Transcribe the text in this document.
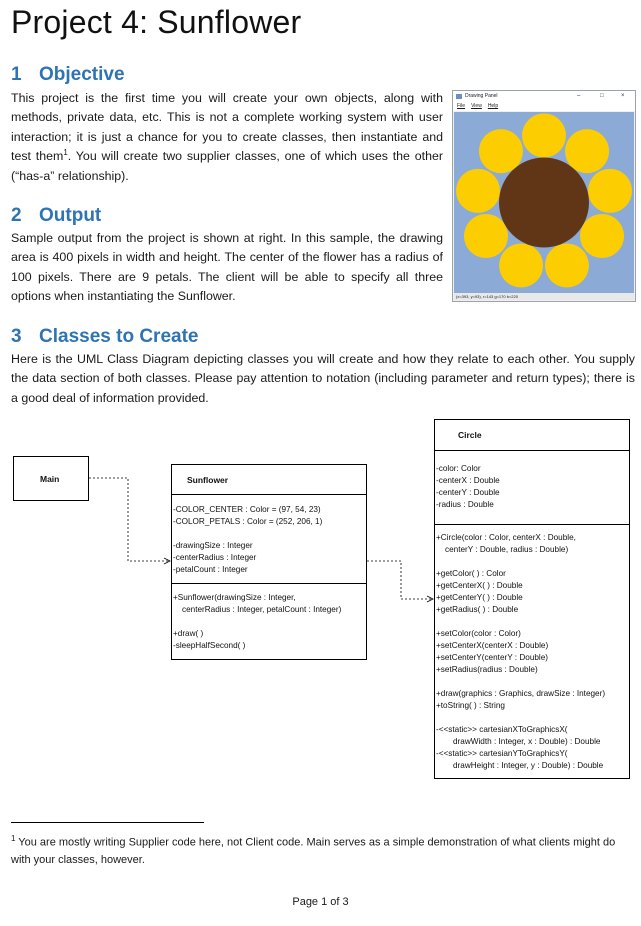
Project 4: Sunflower
1 Objective

This project is the first time you will create your own objects, along with methods, private data, etc. This is not a complete working system with user interaction; it is just a chance for you to create classes, then instantiate and test them$^1$. You will create two supplier classes, one of which uses the other (“has-a” relationship).

Drawing Panel	–	□	×
File View Help
(x=393, y=93), r=143 g=170 b=220
2 Output

Sample output from the project is shown at right. In this sample, the drawing area is 400 pixels in width and height. The center of the flower has a radius of 100 pixels. There are 9 petals. The client will be able to specify all three options when instantiating the Sunflower.

3 Classes to Create

Here is the UML Class Diagram depicting classes you will create and how they relate to each other. You supply the data section of both classes. Please pay attention to notation (including parameter and return types); there is a good deal of information provided.

Main	Sunflower
-COLOR_CENTER : Color = (97, 54, 23)
-COLOR_PETALS : Color = (252, 206, 1)
-drawingSize : Integer
-centerRadius : Integer
-petalCount : Integer
+Sunflower(drawingSize : Integer,
centerRadius : Integer, petalCount : Integer)
+draw( )
-sleepHalfSecond( )
Circle
-color: Color
-centerX : Double
-centerY : Double
-radius : Double
+Circle(color : Color, centerX : Double,
centerY : Double, radius : Double)
+getColor( ) : Color
+getCenterX( ) : Double
+getCenterY( ) : Double
+getRadius( ) : Double
+setColor(color : Color)
+setCenterX(centerX : Double)
+setCenterY(centerY : Double)
+setRadius(radius : Double)
+draw(graphics : Graphics, drawSize : Integer)
+toString( ) : String
-<<static>> cartesianXToGraphicsX(
drawWidth : Integer, x : Double) : Double
-<<static>> cartesianYToGraphicsY(
drawHeight : Integer, y : Double) : Double

$^1$ You are mostly writing Supplier code here, not Client code. Main serves as a simple demonstration of what clients might do with your classes, however.

Page 1 of 3
